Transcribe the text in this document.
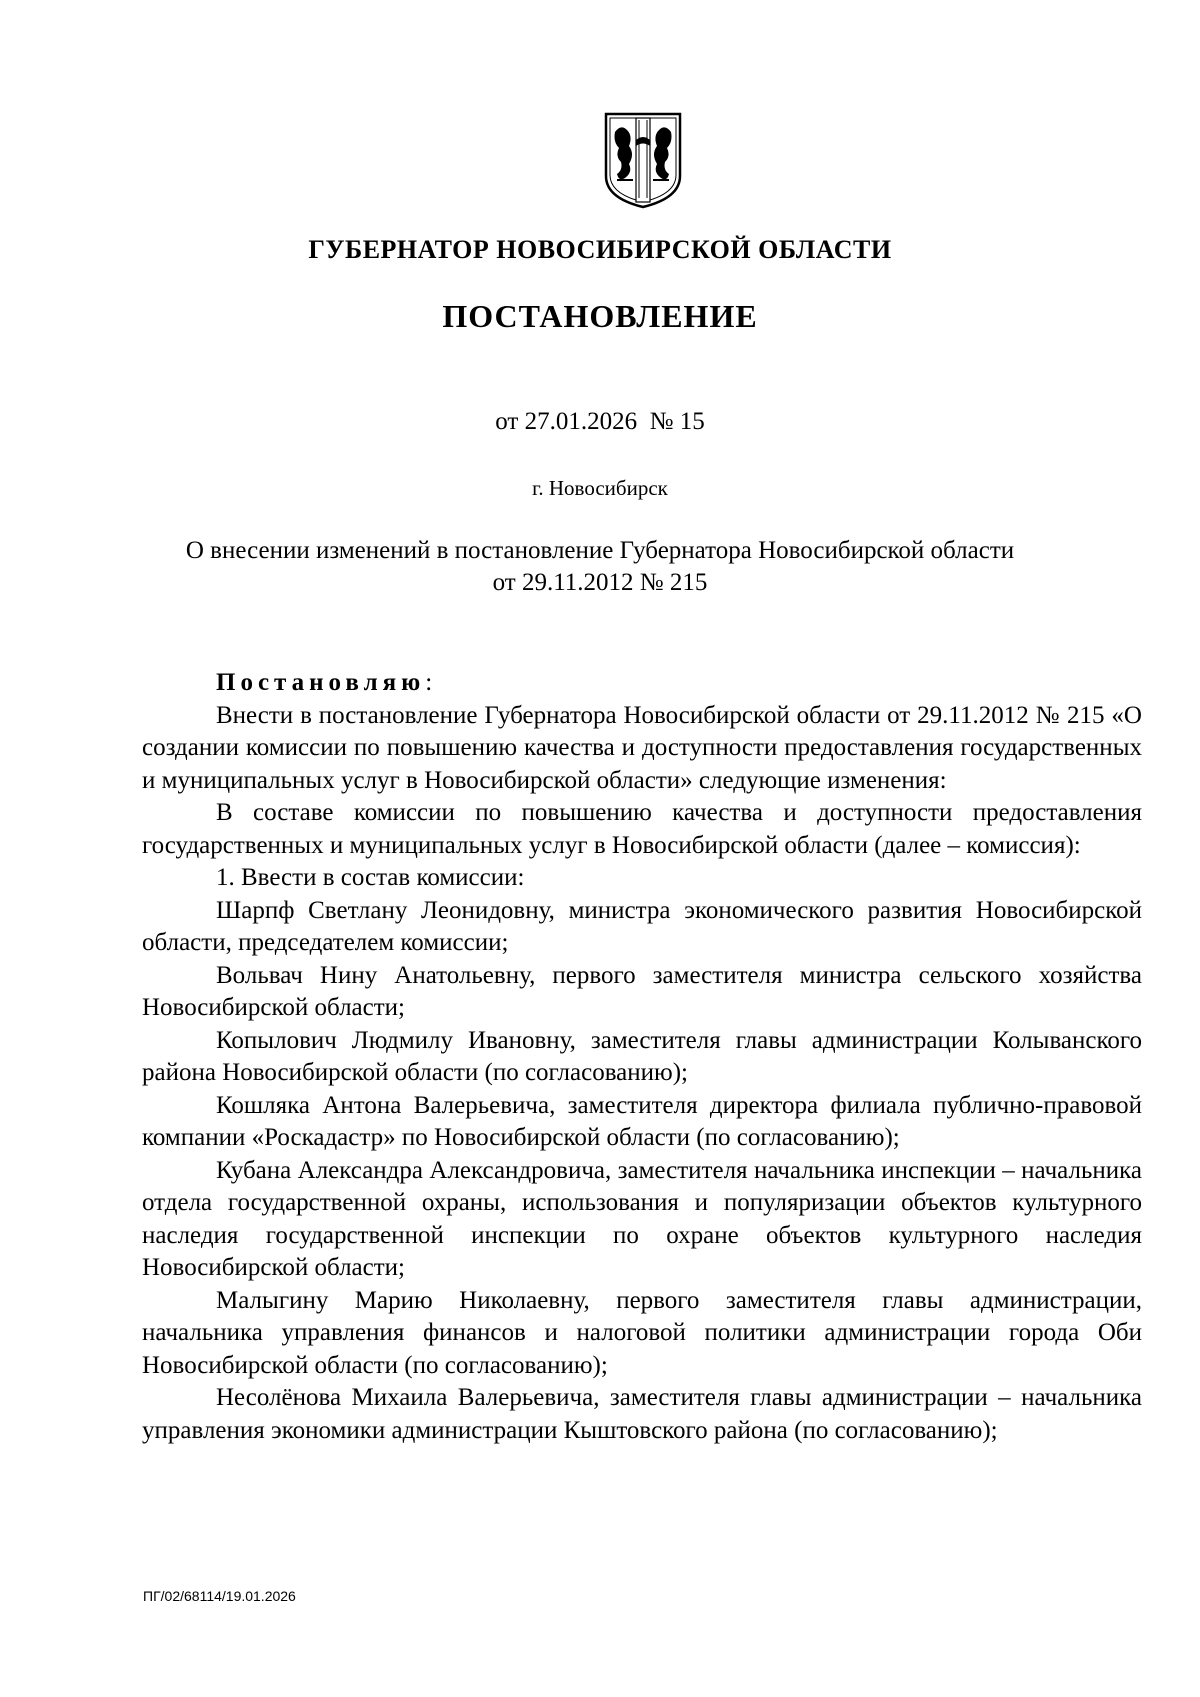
ГУБЕРНАТОР НОВОСИБИРСКОЙ ОБЛАСТИ
ПОСТАНОВЛЕНИЕ
от 27.01.2026  № 15
г. Новосибирск
О внесении изменений в постановление Губернатора Новосибирской области
от 29.11.2012 № 215

Постановляю:

Внести в постановление Губернатора Новосибирской области от 29.11.2012 № 215 «О создании комиссии по повышению качества и доступности предоставления государственных и муниципальных услуг в Новосибирской области» следующие изменения:

В составе комиссии по повышению качества и доступности предоставления государственных и муниципальных услуг в Новосибирской области (далее – комиссия):

1. Ввести в состав комиссии:

Шарпф Светлану Леонидовну, министра экономического развития Новосибирской области, председателем комиссии;

Вольвач Нину Анатольевну, первого заместителя министра сельского хозяйства Новосибирской области;

Копылович Людмилу Ивановну, заместителя главы администрации Колыванского района Новосибирской области (по согласованию);

Кошляка Антона Валерьевича, заместителя директора филиала публично-правовой компании «Роскадастр» по Новосибирской области (по согласованию);

Кубана Александра Александровича, заместителя начальника инспекции – начальника отдела государственной охраны, использования и популяризации объектов культурного наследия государственной инспекции по охране объектов культурного наследия Новосибирской области;

Малыгину Марию Николаевну, первого заместителя главы администрации, начальника управления финансов и налоговой политики администрации города Оби Новосибирской области (по согласованию);

Несолёнова Михаила Валерьевича, заместителя главы администрации – начальника управления экономики администрации Кыштовского района (по согласованию);

ПГ/02/68114/19.01.2026
